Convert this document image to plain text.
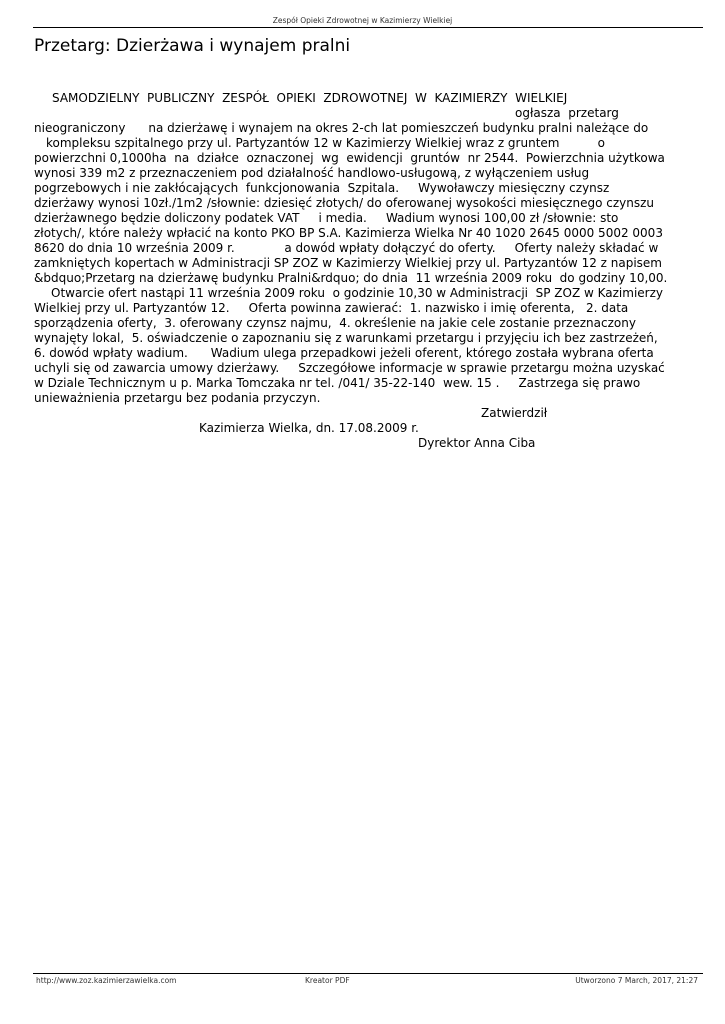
Zespół Opieki Zdrowotnej w Kazimierzy Wielkiej
Przetarg: Dzierżawa i wynajem pralni
SAMODZIELNY  PUBLICZNY  ZESPÓŁ  OPIEKI  ZDROWOTNEJ  W  KAZIMIERZY  WIELKIEJ
ogłasza  przetarg
nieograniczony      na dzierżawę i wynajem na okres 2-ch lat pomieszczeń budynku pralni należące do
kompleksu szpitalnego przy ul. Partyzantów 12 w Kazimierzy Wielkiej wraz z gruntem          o
powierzchni 0,1000ha  na  działce  oznaczonej  wg  ewidencji  gruntów  nr 2544.  Powierzchnia użytkowa
wynosi 339 m2 z przeznaczeniem pod działalność handlowo-usługową, z wyłączeniem usług
pogrzebowych i nie zakłócających  funkcjonowania  Szpitala.     Wywoławczy miesięczny czynsz
dzierżawy wynosi 10zł./1m2 /słownie: dziesięć złotych/ do oferowanej wysokości miesięcznego czynszu
dzierżawnego będzie doliczony podatek VAT     i media.     Wadium wynosi 100,00 zł /słownie: sto
złotych/, które należy wpłacić na konto PKO BP S.A. Kazimierza Wielka Nr 40 1020 2645 0000 5002 0003
8620 do dnia 10 września 2009 r.             a dowód wpłaty dołączyć do oferty.     Oferty należy składać w
zamkniętych kopertach w Administracji SP ZOZ w Kazimierzy Wielkiej przy ul. Partyzantów 12 z napisem
&bdquo;Przetarg na dzierżawę budynku Pralni&rdquo; do dnia  11 września 2009 roku  do godziny 10,00.
Otwarcie ofert nastąpi 11 września 2009 roku  o godzinie 10,30 w Administracji  SP ZOZ w Kazimierzy
Wielkiej przy ul. Partyzantów 12.     Oferta powinna zawierać:  1. nazwisko i imię oferenta,   2. data
sporządzenia oferty,  3. oferowany czynsz najmu,  4. określenie na jakie cele zostanie przeznaczony
wynajęty lokal,  5. oświadczenie o zapoznaniu się z warunkami przetargu i przyjęciu ich bez zastrzeżeń,
6. dowód wpłaty wadium.      Wadium ulega przepadkowi jeżeli oferent, którego została wybrana oferta
uchyli się od zawarcia umowy dzierżawy.     Szczegółowe informacje w sprawie przetargu można uzyskać
w Dziale Technicznym u p. Marka Tomczaka nr tel. /041/ 35-22-140  wew. 15 .     Zastrzega się prawo
unieważnienia przetargu bez podania przyczyn.
Zatwierdził
Kazimierza Wielka, dn. 17.08.2009 r.
Dyrektor Anna Ciba
http://www.zoz.kazimierzawielka.com	Kreator PDF	Utworzono 7 March, 2017, 21:27
